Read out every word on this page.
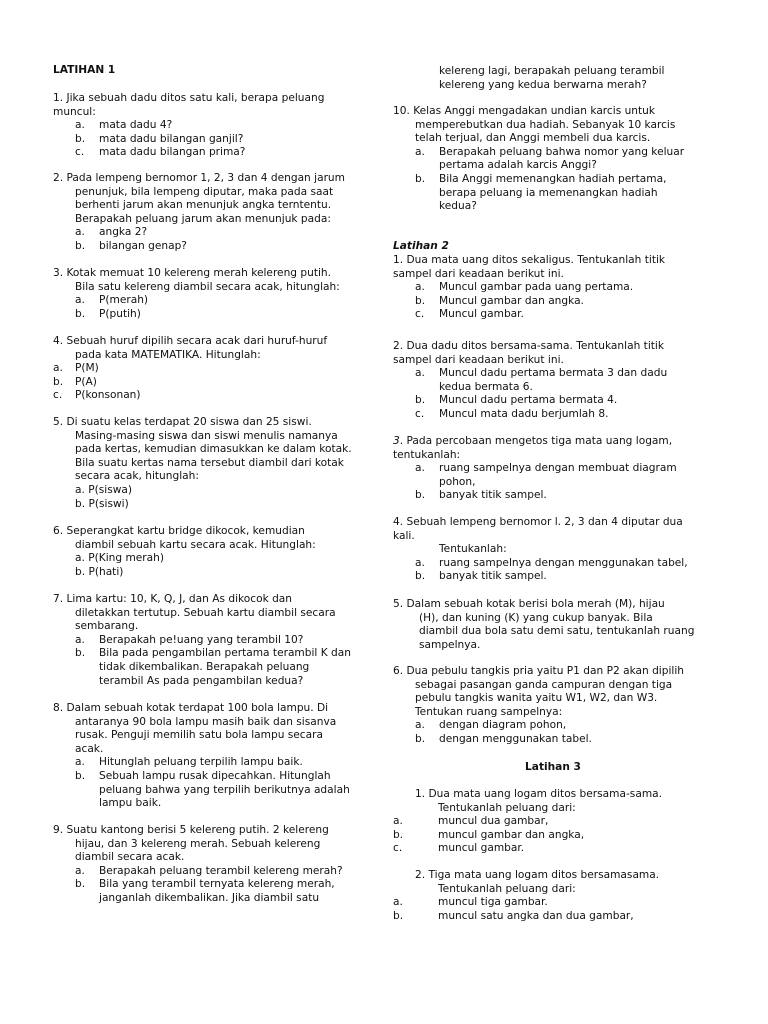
LATIHAN 1
1. Jika sebuah dadu ditos satu kali, berapa peluang
muncul:
a. mata dadu 4?
b. mata dadu bilangan ganjil?
c. mata dadu bilangan prima?
2. Pada lempeng bernomor 1, 2, 3 dan 4 dengan jarum
penunjuk, bila lempeng diputar, maka pada saat
berhenti jarum akan menunjuk angka terntentu.
Berapakah peluang jarum akan menunjuk pada:
a. angka 2?
b. bilangan genap?
3. Kotak memuat 10 kelereng merah kelereng putih.
Bila satu kelereng diambil secara acak, hitunglah:
a. P(merah)
b. P(putih)
4. Sebuah huruf dipilih secara acak dari huruf-huruf
pada kata MATEMATIKA. Hitunglah:
a. P(M)
b. P(A)
c. P(konsonan)
5. Di suatu kelas terdapat 20 siswa dan 25 siswi.
Masing-masing siswa dan siswi menulis namanya
pada kertas, kemudian dimasukkan ke dalam kotak.
Bila suatu kertas nama tersebut diambil dari kotak
secara acak, hitunglah:
a. P(siswa)
b. P(siswi)
6. Seperangkat kartu bridge dikocok, kemudian
diambil sebuah kartu secara acak. Hitunglah:
a. P(King merah)
b. P(hati)
7. Lima kartu: 10, K, Q, J, dan As dikocok dan
diletakkan tertutup. Sebuah kartu diambil secara
sembarang.
a. Berapakah pe!uang yang terambil 10?
b. Bila pada pengambilan pertama terambil K dan
tidak dikembalikan. Berapakah peluang
terambil As pada pengambilan kedua?
8. Dalam sebuah kotak terdapat 100 bola lampu. Di
antaranya 90 bola lampu masih baik dan sisanva
rusak. Penguji memilih satu bola lampu secara
acak.
a. Hitunglah peluang terpilih lampu baik.
b. Sebuah lampu rusak dipecahkan. Hitunglah
peluang bahwa yang terpilih berikutnya adalah
lampu baik.
9. Suatu kantong berisi 5 kelereng putih. 2 kelereng
hijau, dan 3 kelereng merah. Sebuah kelereng
diambil secara acak.
a. Berapakah peluang terambil kelereng merah?
b. Bila yang terambil ternyata kelereng merah,
janganlah dikembalikan. Jika diambil satu
kelereng lagi, berapakah peluang terambil
kelereng yang kedua berwarna merah?
10. Kelas Anggi mengadakan undian karcis untuk
memperebutkan dua hadiah. Sebanyak 10 karcis
telah terjual, dan Anggi membeli dua karcis.
a. Berapakah peluang bahwa nomor yang keluar
pertama adalah karcis Anggi?
b. Bila Anggi memenangkan hadiah pertama,
berapa peluang ia memenangkan hadiah
kedua?
Latihan 2
1. Dua mata uang ditos sekaligus. Tentukanlah titik
sampel dari keadaan berikut ini.
a. Muncul gambar pada uang pertama.
b. Muncul gambar dan angka.
c. Muncul gambar.
2. Dua dadu ditos bersama-sama. Tentukanlah titik
sampel dari keadaan berikut ini.
a. Muncul dadu pertama bermata 3 dan dadu
kedua bermata 6.
b. Muncul dadu pertama bermata 4.
c. Muncul mata dadu berjumlah 8.
3. Pada percobaan mengetos tiga mata uang logam,
tentukanlah:
a. ruang sampelnya dengan membuat diagram
pohon,
b. banyak titik sampel.
4. Sebuah lempeng bernomor l. 2, 3 dan 4 diputar dua
kali.
Tentukanlah:
a. ruang sampelnya dengan menggunakan tabel,
b. banyak titik sampel.
5. Dalam sebuah kotak berisi bola merah (M), hijau
(H), dan kuning (K) yang cukup banyak. Bila
diambil dua bola satu demi satu, tentukanlah ruang
sampelnya.
6. Dua pebulu tangkis pria yaitu P1 dan P2 akan dipilih
sebagai pasangan ganda campuran dengan tiga
pebulu tangkis wanita yaitu W1, W2, dan W3.
Tentukan ruang sampelnya:
a. dengan diagram pohon,
b. dengan menggunakan tabel.
Latihan 3
1. Dua mata uang logam ditos bersama-sama.
Tentukanlah peluang dari:
a.	muncul dua gambar,
b.	muncul gambar dan angka,
c.	muncul gambar.
2. Tiga mata uang logam ditos bersamasama.
Tentukanlah peluang dari:
a.	muncul tiga gambar.
b.	muncul satu angka dan dua gambar,
